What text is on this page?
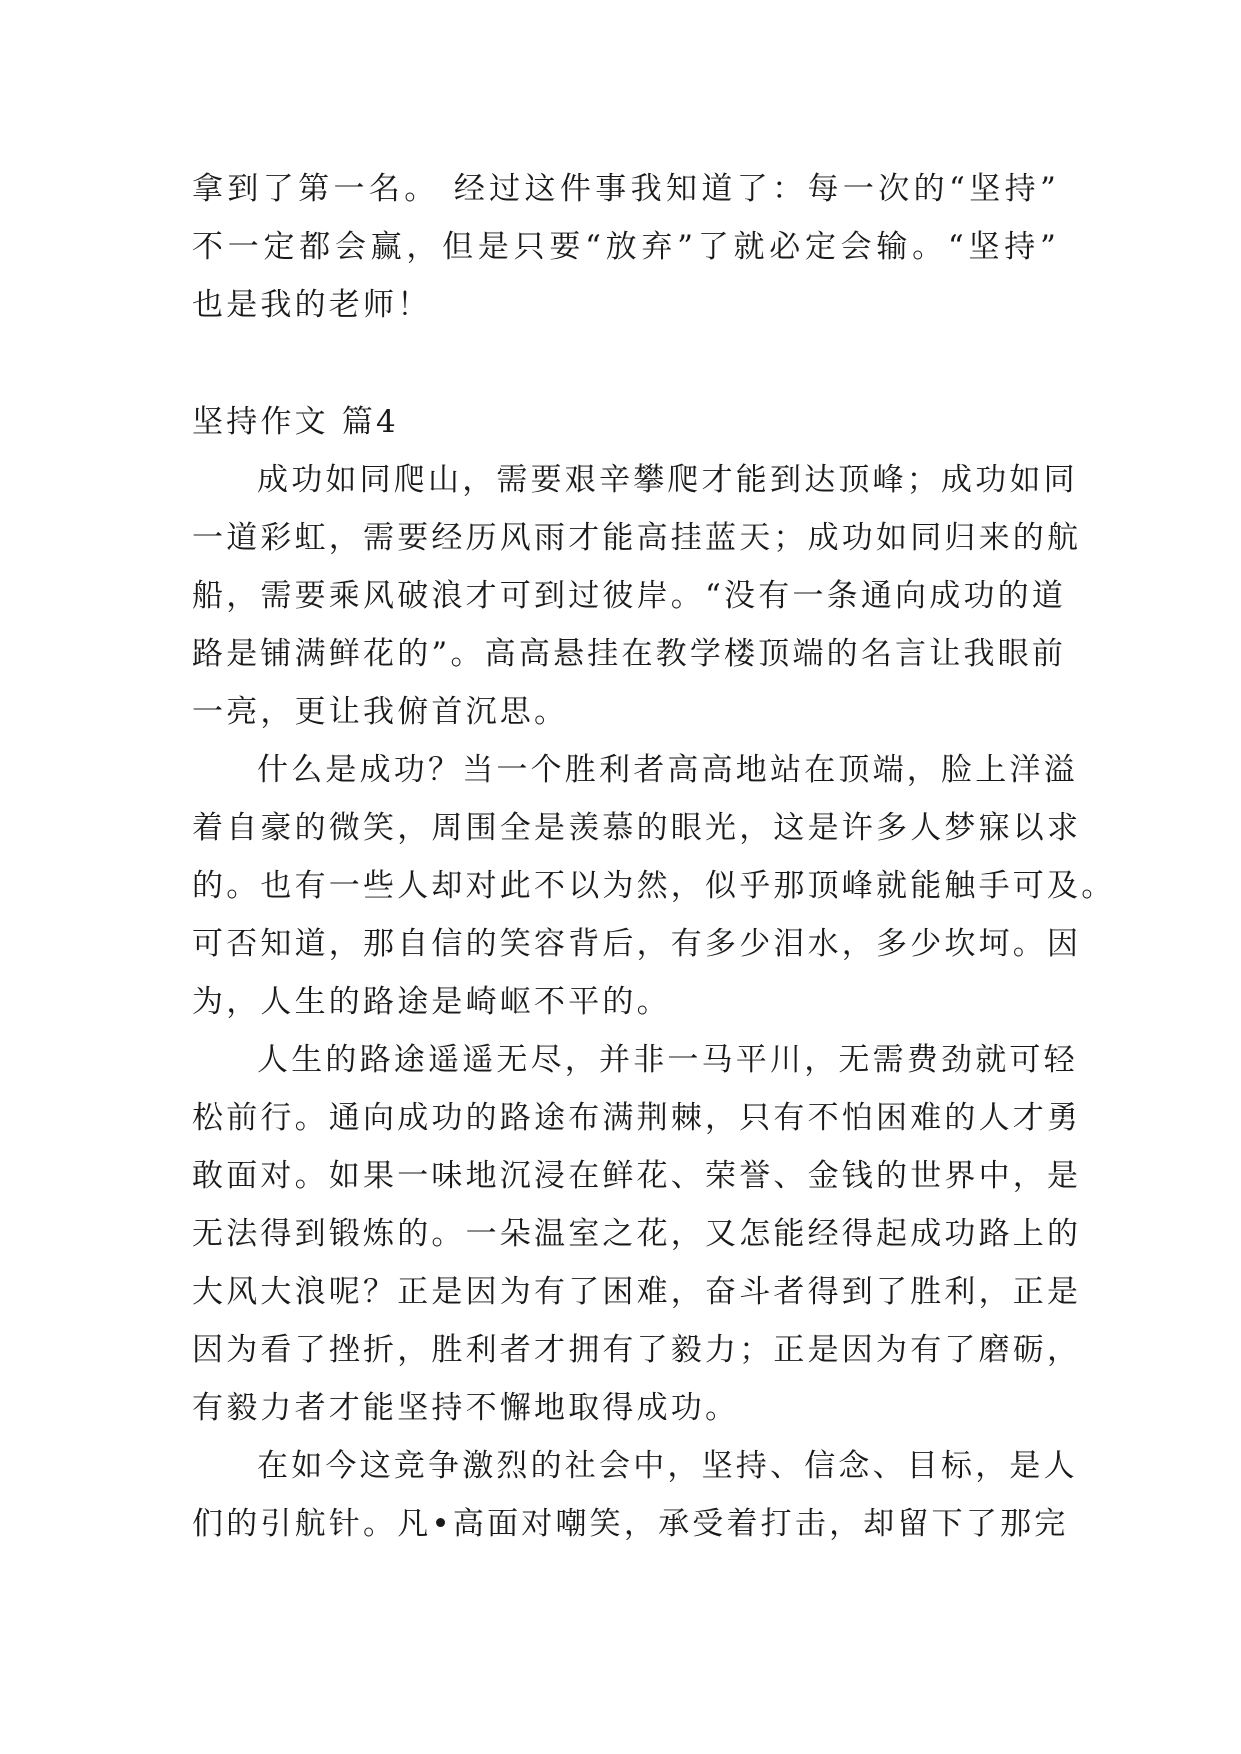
拿到了第一名。 经过这件事我知道了：每一次的“坚持”
不一定都会赢，但是只要“放弃”了就必定会输。“坚持”
也是我的老师！
坚持作文 篇4
成功如同爬山，需要艰辛攀爬才能到达顶峰；成功如同
一道彩虹，需要经历风雨才能高挂蓝天；成功如同归来的航
船，需要乘风破浪才可到过彼岸。“没有一条通向成功的道
路是铺满鲜花的”。高高悬挂在教学楼顶端的名言让我眼前
一亮，更让我俯首沉思。
什么是成功？当一个胜利者高高地站在顶端，脸上洋溢
着自豪的微笑，周围全是羡慕的眼光，这是许多人梦寐以求
的。也有一些人却对此不以为然，似乎那顶峰就能触手可及。
可否知道，那自信的笑容背后，有多少泪水，多少坎坷。因
为，人生的路途是崎岖不平的。
人生的路途遥遥无尽，并非一马平川，无需费劲就可轻
松前行。通向成功的路途布满荆棘，只有不怕困难的人才勇
敢面对。如果一味地沉浸在鲜花、荣誉、金钱的世界中，是
无法得到锻炼的。一朵温室之花，又怎能经得起成功路上的
大风大浪呢？正是因为有了困难，奋斗者得到了胜利，正是
因为看了挫折，胜利者才拥有了毅力；正是因为有了磨砺，
有毅力者才能坚持不懈地取得成功。
在如今这竞争激烈的社会中，坚持、信念、目标，是人
们的引航针。凡•高面对嘲笑，承受着打击，却留下了那完
